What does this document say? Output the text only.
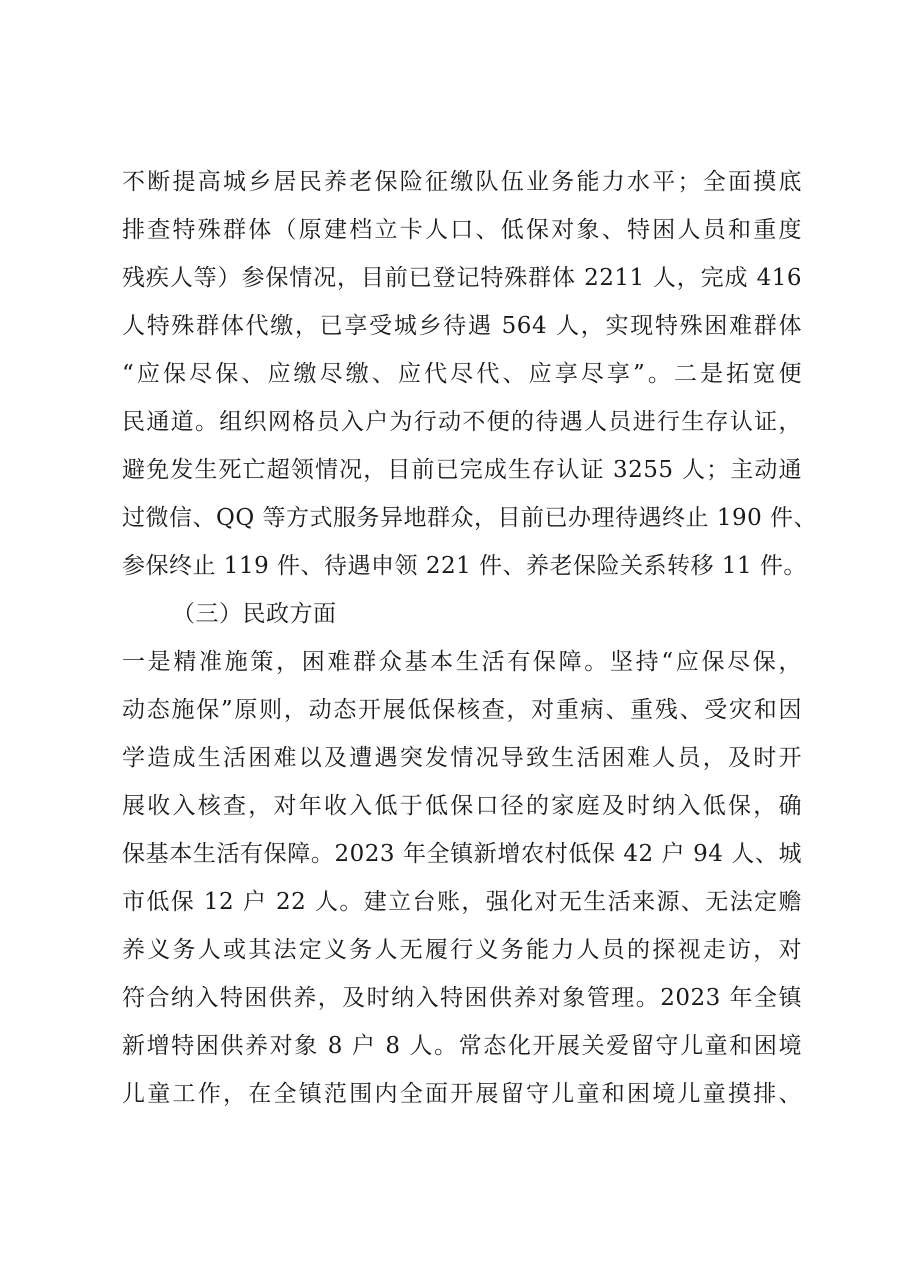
不断提高城乡居民养老保险征缴队伍业务能力水平；全面摸底
排查特殊群体（原建档立卡人口、低保对象、特困人员和重度
残疾人等）参保情况，目前已登记特殊群体 2211 人，完成 416
人特殊群体代缴，已享受城乡待遇 564 人，实现特殊困难群体
“应保尽保、应缴尽缴、应代尽代、应享尽享”。二是拓宽便
民通道。组织网格员入户为行动不便的待遇人员进行生存认证，
避免发生死亡超领情况，目前已完成生存认证 3255 人；主动通
过微信、QQ 等方式服务异地群众，目前已办理待遇终止 190 件、
参保终止 119 件、待遇申领 221 件、养老保险关系转移 11 件。
（三）民政方面
一是精准施策，困难群众基本生活有保障。坚持“应保尽保，
动态施保”原则，动态开展低保核查，对重病、重残、受灾和因
学造成生活困难以及遭遇突发情况导致生活困难人员，及时开
展收入核查，对年收入低于低保口径的家庭及时纳入低保，确
保基本生活有保障。2023 年全镇新增农村低保 42 户 94 人、城
市低保 12 户 22 人。建立台账，强化对无生活来源、无法定赡
养义务人或其法定义务人无履行义务能力人员的探视走访，对
符合纳入特困供养，及时纳入特困供养对象管理。2023 年全镇
新增特困供养对象 8 户 8 人。常态化开展关爱留守儿童和困境
儿童工作，在全镇范围内全面开展留守儿童和困境儿童摸排、
